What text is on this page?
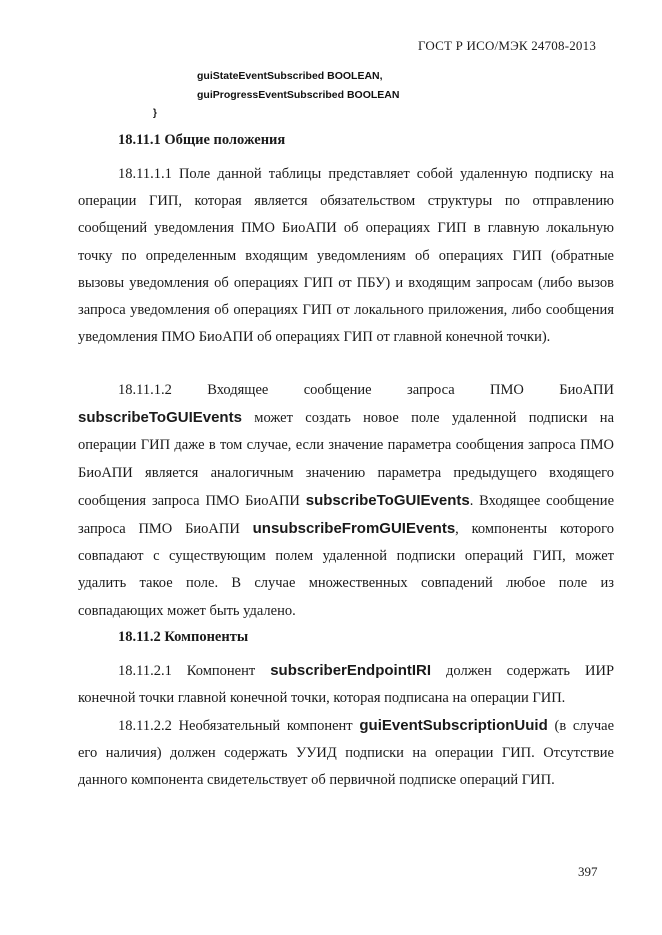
ГОСТ Р ИСО/МЭК 24708-2013
guiStateEventSubscribed BOOLEAN,
guiProgressEventSubscribed BOOLEAN
}
18.11.1 Общие положения
18.11.1.1 Поле данной таблицы представляет собой удаленную подписку на операции ГИП, которая является обязательством структуры по отправлению сообщений уведомления ПМО БиоАПИ об операциях ГИП в главную локальную точку по определенным входящим уведомлениям об операциях ГИП (обратные вызовы уведомления об операциях ГИП от ПБУ) и входящим запросам (либо вызов запроса уведомления об операциях ГИП от локального приложения, либо сообщения уведомления ПМО БиоАПИ об операциях ГИП от главной конечной точки).
18.11.1.2 Входящее сообщение запроса ПМО БиоАПИ subscribeToGUIEvents может создать новое поле удаленной подписки на операции ГИП даже в том случае, если значение параметра сообщения запроса ПМО БиоАПИ является аналогичным значению параметра предыдущего входящего сообщения запроса ПМО БиоАПИ subscribeToGUIEvents. Входящее сообщение запроса ПМО БиоАПИ unsubscribeFromGUIEvents, компоненты которого совпадают с существующим полем удаленной подписки операций ГИП, может удалить такое поле. В случае множественных совпадений любое поле из совпадающих может быть удалено.
18.11.2 Компоненты
18.11.2.1 Компонент subscriberEndpointIRI должен содержать ИИР конечной точки главной конечной точки, которая подписана на операции ГИП.
18.11.2.2 Необязательный компонент guiEventSubscriptionUuid (в случае его наличия) должен содержать УУИД подписки на операции ГИП. Отсутствие данного компонента свидетельствует об первичной подписке операций ГИП.
397
